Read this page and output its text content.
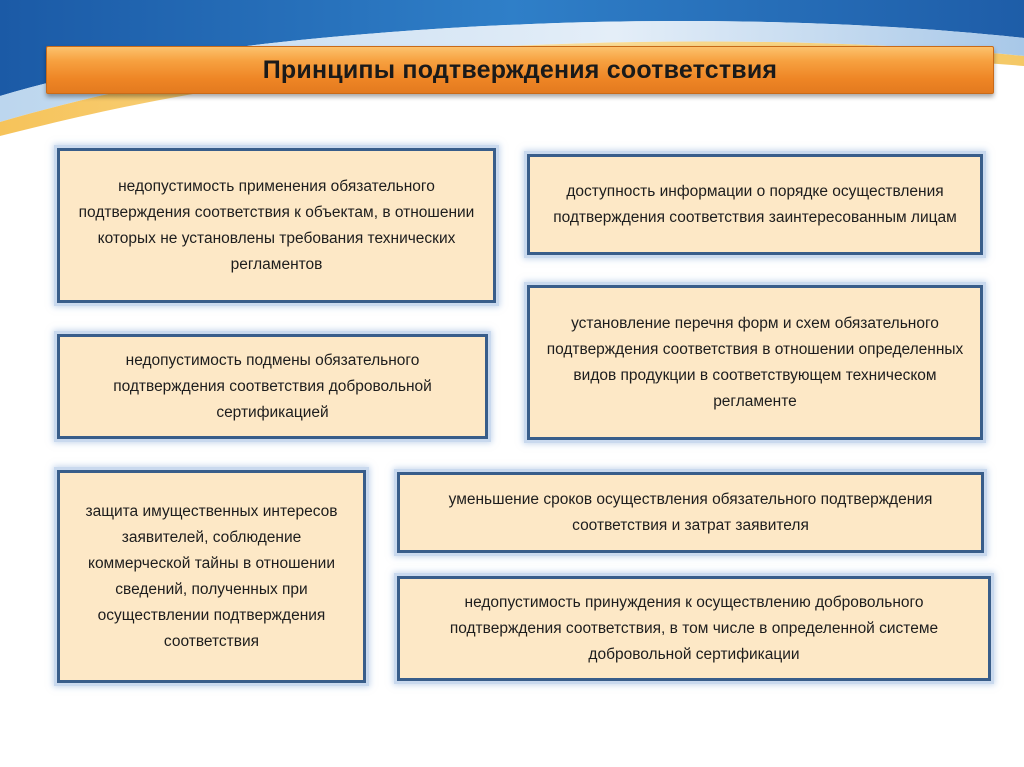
Принципы подтверждения соответствия
недопустимость применения обязательного подтверждения соответствия к объектам, в отношении которых не установлены требования технических регламентов
доступность информации о порядке осуществления подтверждения соответствия заинтересованным лицам
установление перечня форм и схем обязательного подтверждения соответствия в отношении определенных видов продукции в соответствующем техническом регламенте
недопустимость подмены обязательного подтверждения соответствия добровольной сертификацией
защита имущественных интересов заявителей, соблюдение коммерческой тайны в отношении сведений, полученных при осуществлении подтверждения соответствия
уменьшение сроков осуществления обязательного подтверждения соответствия и затрат заявителя
недопустимость принуждения к осуществлению добровольного подтверждения соответствия, в том числе в определенной системе добровольной сертификации
